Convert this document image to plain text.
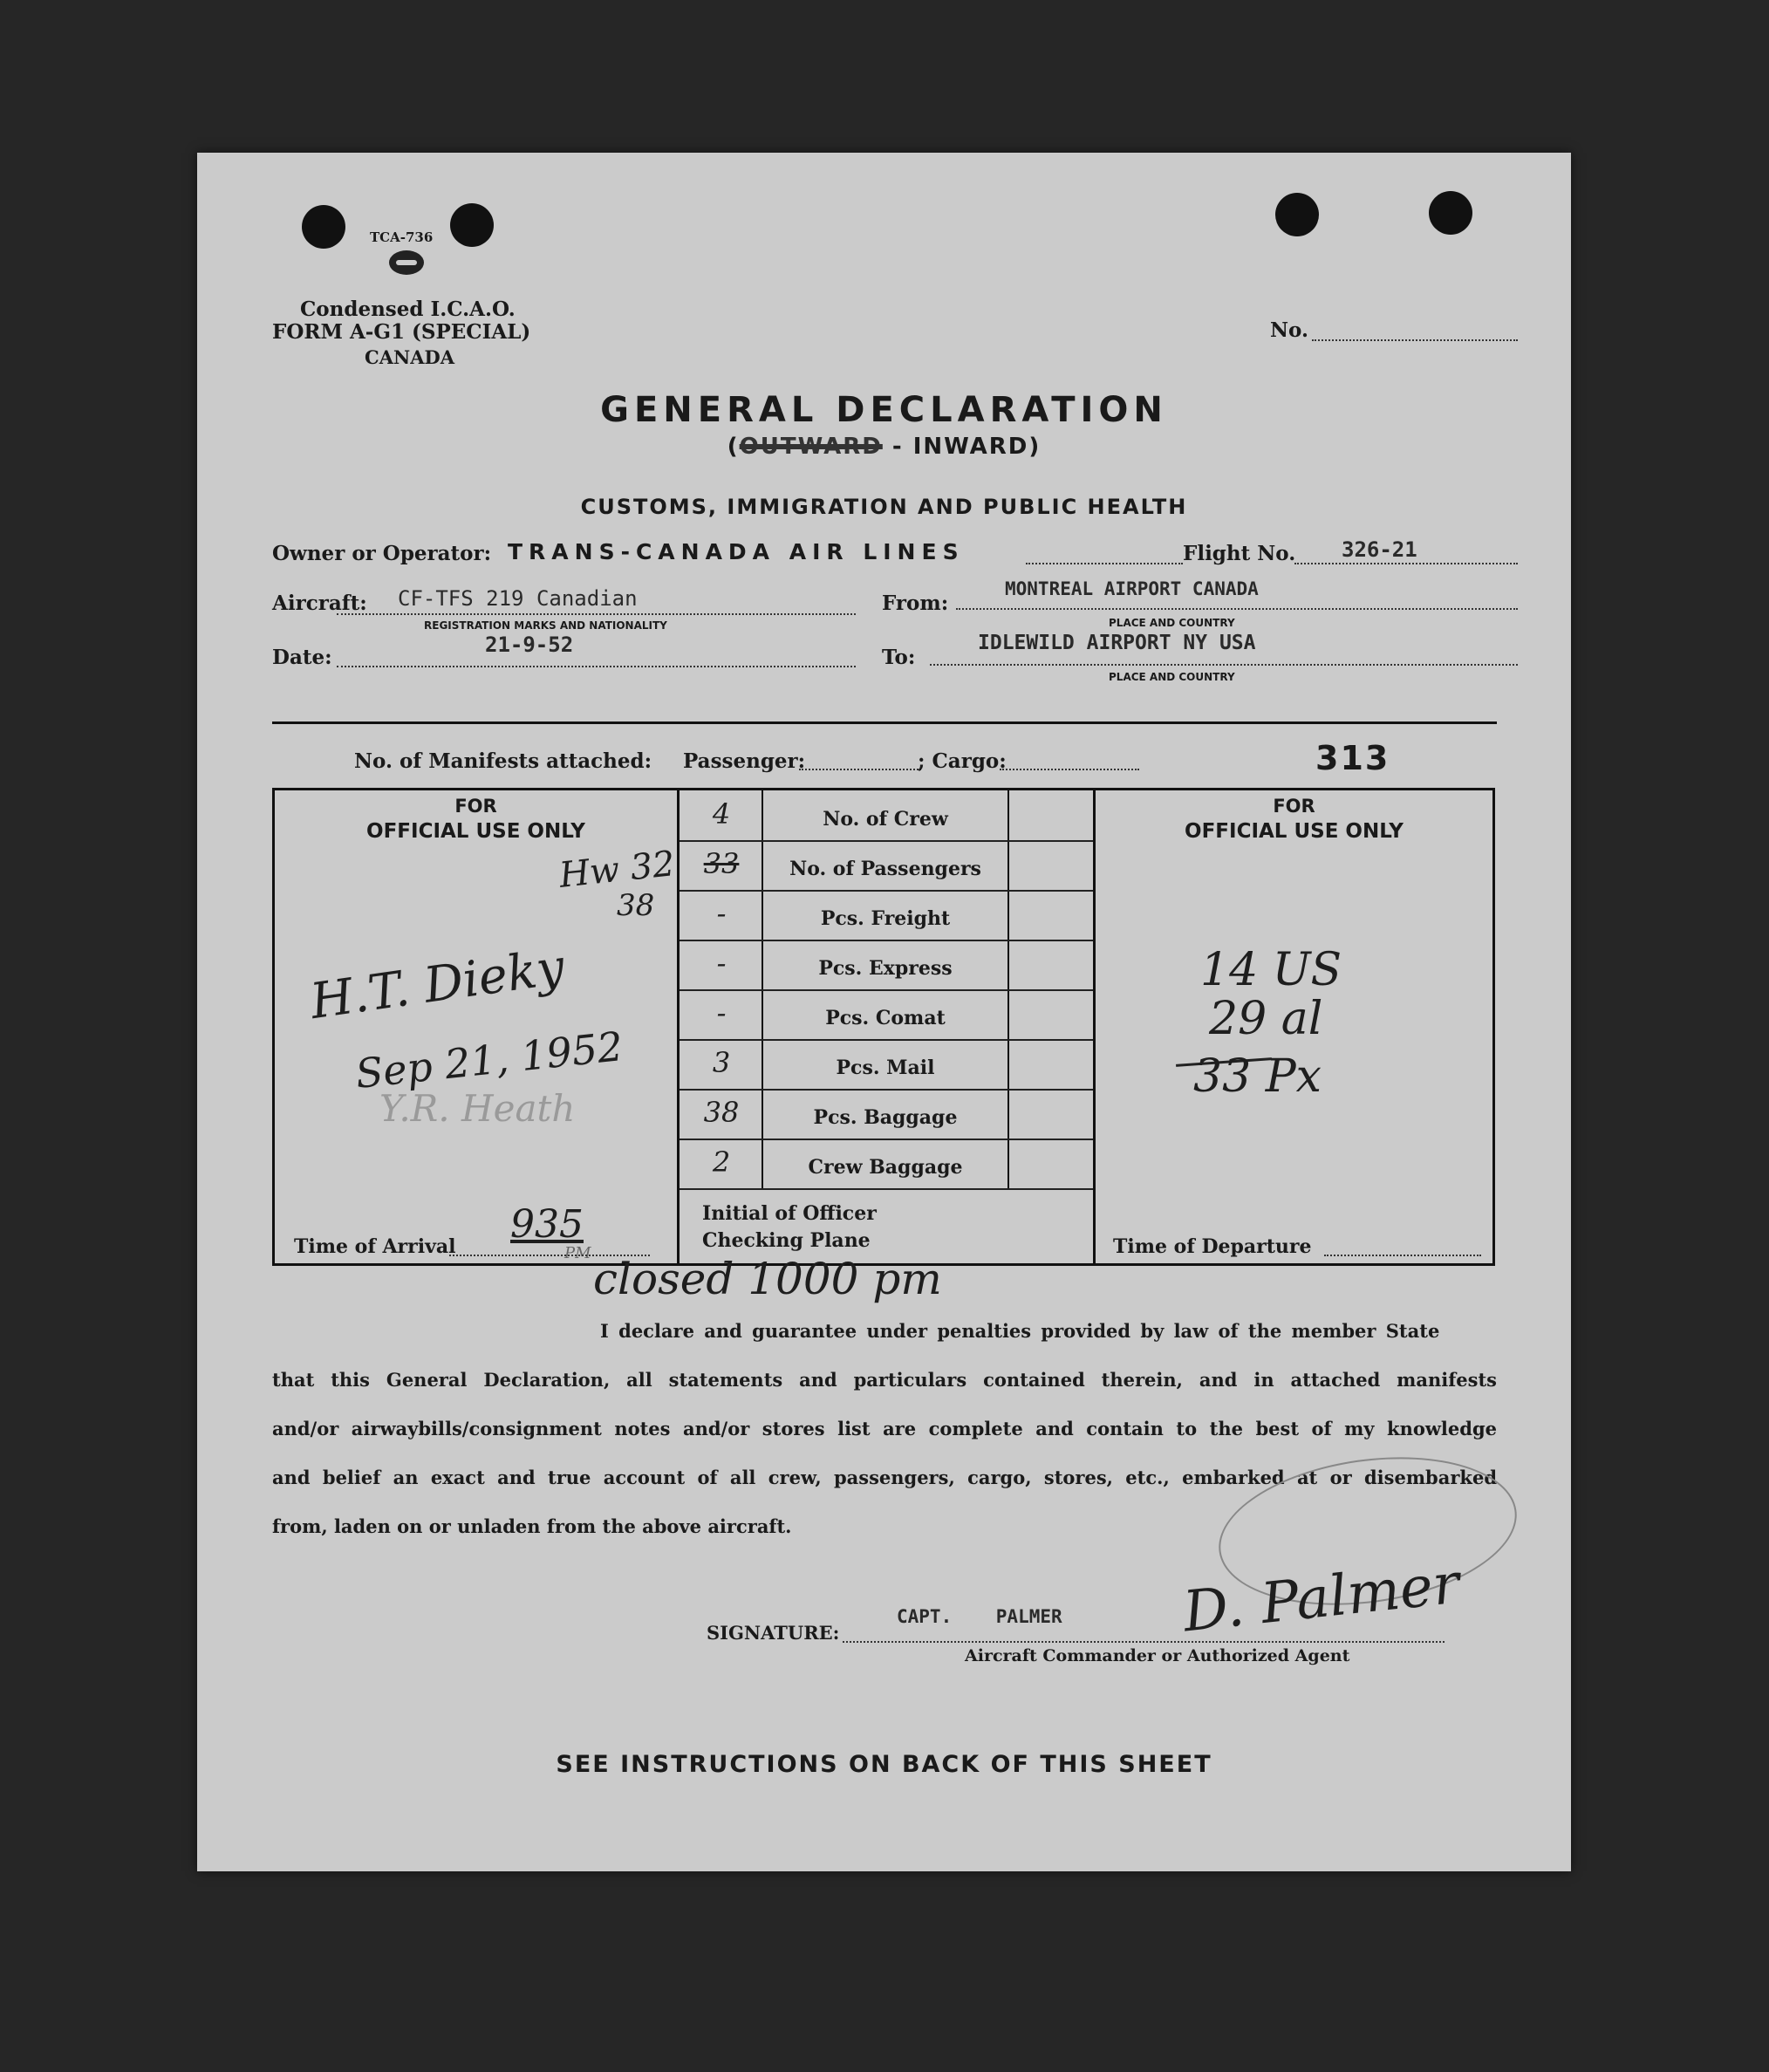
TCA-736
Condensed I.C.A.O.
FORM A-G1 (SPECIAL)
CANADA
No.
GENERAL DECLARATION
(OUTWARD - INWARD)
CUSTOMS, IMMIGRATION AND PUBLIC HEALTH
Owner or Operator: TRANS-CANADA AIR LINES	Flight No. 326-21
Aircraft: CF-TFS 219 Canadian
REGISTRATION MARKS AND NATIONALITY
From:
MONTREAL AIRPORT CANADA
PLACE AND COUNTRY
Date:
21-9-52
To:
IDLEWILD AIRPORT NY USA
PLACE AND COUNTRY
No. of Manifests attached: Passenger:	; Cargo:	313
FOR
OFFICIAL USE ONLY
Hw 32
38
H.T. Dieky
Sep 21, 1952
Y.R. Heath
Time of Arrival 935
PM
4	No. of Crew
33	No. of Passengers
-	Pcs. Freight
-	Pcs. Express
-	Pcs. Comat
3	Pcs. Mail
38	Pcs. Baggage
2	Crew Baggage
Initial of Officer
Checking Plane
FOR
OFFICIAL USE ONLY
14 US
29 al
33 Px
Time of Departure
closed 1000 pm
I declare and guarantee under penalties provided by law of the member State
that this General Declaration, all statements and particulars contained therein, and in attached manifests
and/or airwaybills/consignment notes and/or stores list are complete and contain to the best of my knowledge
and belief an exact and true account of all crew, passengers, cargo, stores, etc., embarked at or disembarked
from, laden on or unladen from the above aircraft.
SIGNATURE:
CAPT.    PALMER D. Palmer
Aircraft Commander or Authorized Agent
SEE INSTRUCTIONS ON BACK OF THIS SHEET
